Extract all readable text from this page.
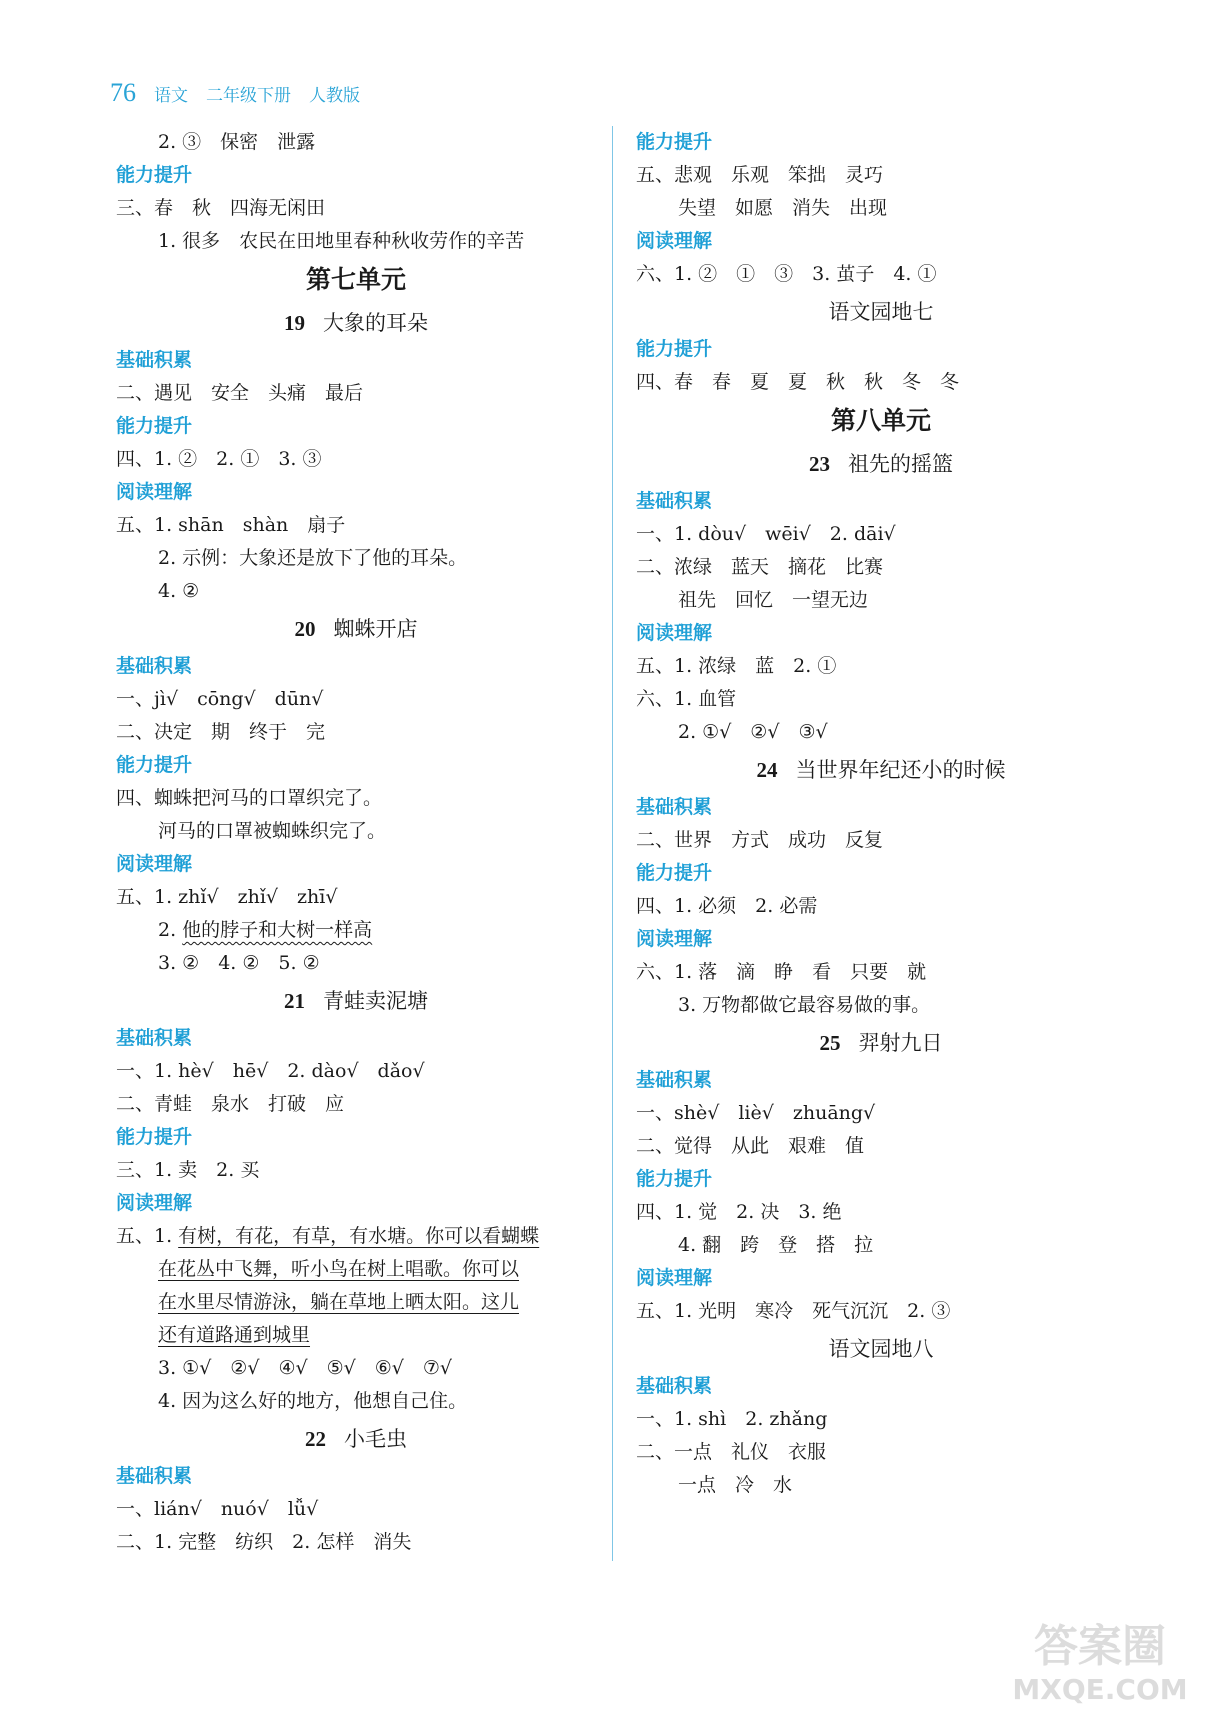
76 语文 二年级下册 人教版
2. ③　保密　泄露
能力提升
三、春　秋　四海无闲田
1. 很多　农民在田地里春种秋收劳作的辛苦
第七单元
19 大象的耳朵
基础积累
二、遇见　安全　头痛　最后
能力提升
四、1. ②　2. ①　3. ③
阅读理解
五、1. shān　shàn　扇子
2. 示例：大象还是放下了他的耳朵。
4. ②
20 蜘蛛开店
基础积累
一、jì√　cōng√　dūn√
二、决定　期　终于　完
能力提升
四、蜘蛛把河马的口罩织完了。
河马的口罩被蜘蛛织完了。
阅读理解
五、1. zhǐ√　zhǐ√　zhī√
2. 他的脖子和大树一样高
3. ②　4. ②　5. ②
21 青蛙卖泥塘
基础积累
一、1. hè√　hē√　2. dào√　dǎo√
二、青蛙　泉水　打破　应
能力提升
三、1. 卖　2. 买
阅读理解
五、1. 有树，有花，有草，有水塘。你可以看蝴蝶
在花丛中飞舞，听小鸟在树上唱歌。你可以
在水里尽情游泳，躺在草地上晒太阳。这儿
还有道路通到城里
3. ①√　②√　④√　⑤√　⑥√　⑦√
4. 因为这么好的地方，他想自己住。
22 小毛虫
基础积累
一、lián√　nuó√　lǚ√
二、1. 完整　纺织　2. 怎样　消失
能力提升
五、悲观　乐观　笨拙　灵巧
失望　如愿　消失　出现
阅读理解
六、1. ②　①　③　3. 茧子　4. ①
语文园地七
能力提升
四、春　春　夏　夏　秋　秋　冬　冬
第八单元
23 祖先的摇篮
基础积累
一、1. dòu√　wēi√　2. dāi√
二、浓绿　蓝天　摘花　比赛
祖先　回忆　一望无边
阅读理解
五、1. 浓绿　蓝　2. ①
六、1. 血管
2. ①√　②√　③√
24 当世界年纪还小的时候
基础积累
二、世界　方式　成功　反复
能力提升
四、1. 必须　2. 必需
阅读理解
六、1. 落　滴　睁　看　只要　就
3. 万物都做它最容易做的事。
25 羿射九日
基础积累
一、shè√　liè√　zhuāng√
二、觉得　从此　艰难　值
能力提升
四、1. 觉　2. 决　3. 绝
4. 翻　跨　登　搭　拉
阅读理解
五、1. 光明　寒冷　死气沉沉　2. ③
语文园地八
基础积累
一、1. shì　2. zhǎng
二、一点　礼仪　衣服
一点　冷　水
答案圈
MXQE.COM
